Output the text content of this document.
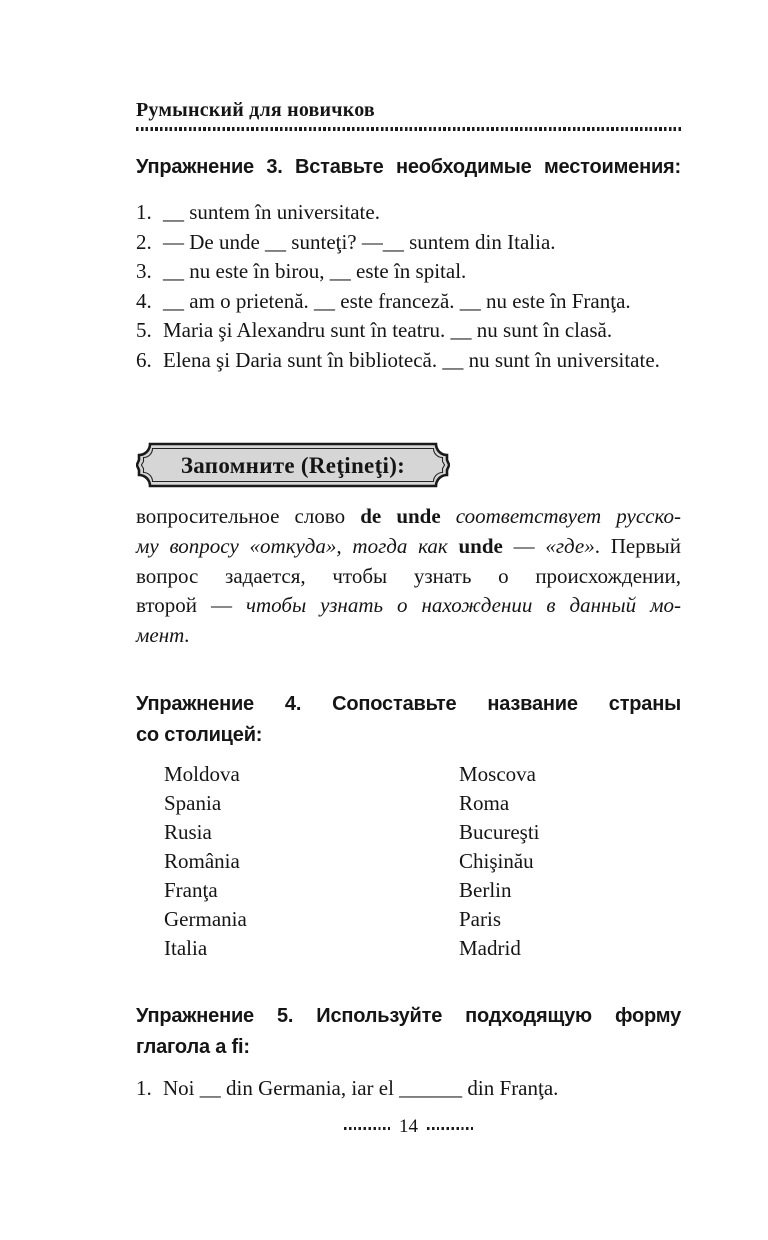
Румынский для новичков
Упражнение 3. Вставьте необходимые местоимения:
1. __ suntem în universitate.
2. — De unde __ sunteţi? —__ suntem din Italia.
3. __ nu este în birou, __ este în spital.
4. __ am o prietenă. __ este franceză. __ nu este în Franţa.
5. Maria şi Alexandru sunt în teatru. __ nu sunt în clasă.
6. Elena şi Daria sunt în bibliotecă. __ nu sunt în universitate.
Запомните (Reţineţi):
вопросительное слово de unde соответствует русско-
му вопросу «откуда», тогда как unde — «где». Первый
вопрос задается, чтобы узнать о происхождении,
второй — чтобы узнать о нахождении в данный мо-
мент.
Упражнение 4. Сопоставьте название страны
со столицей:
Moldova	Moscova
Spania	Roma
Rusia	Bucureşti
România	Chişinău
Franţa	Berlin
Germania	Paris
Italia	Madrid
Упражнение 5. Используйте подходящую форму
глагола a fi:
1. Noi __ din Germania, iar el ______ din Franţa.
14
